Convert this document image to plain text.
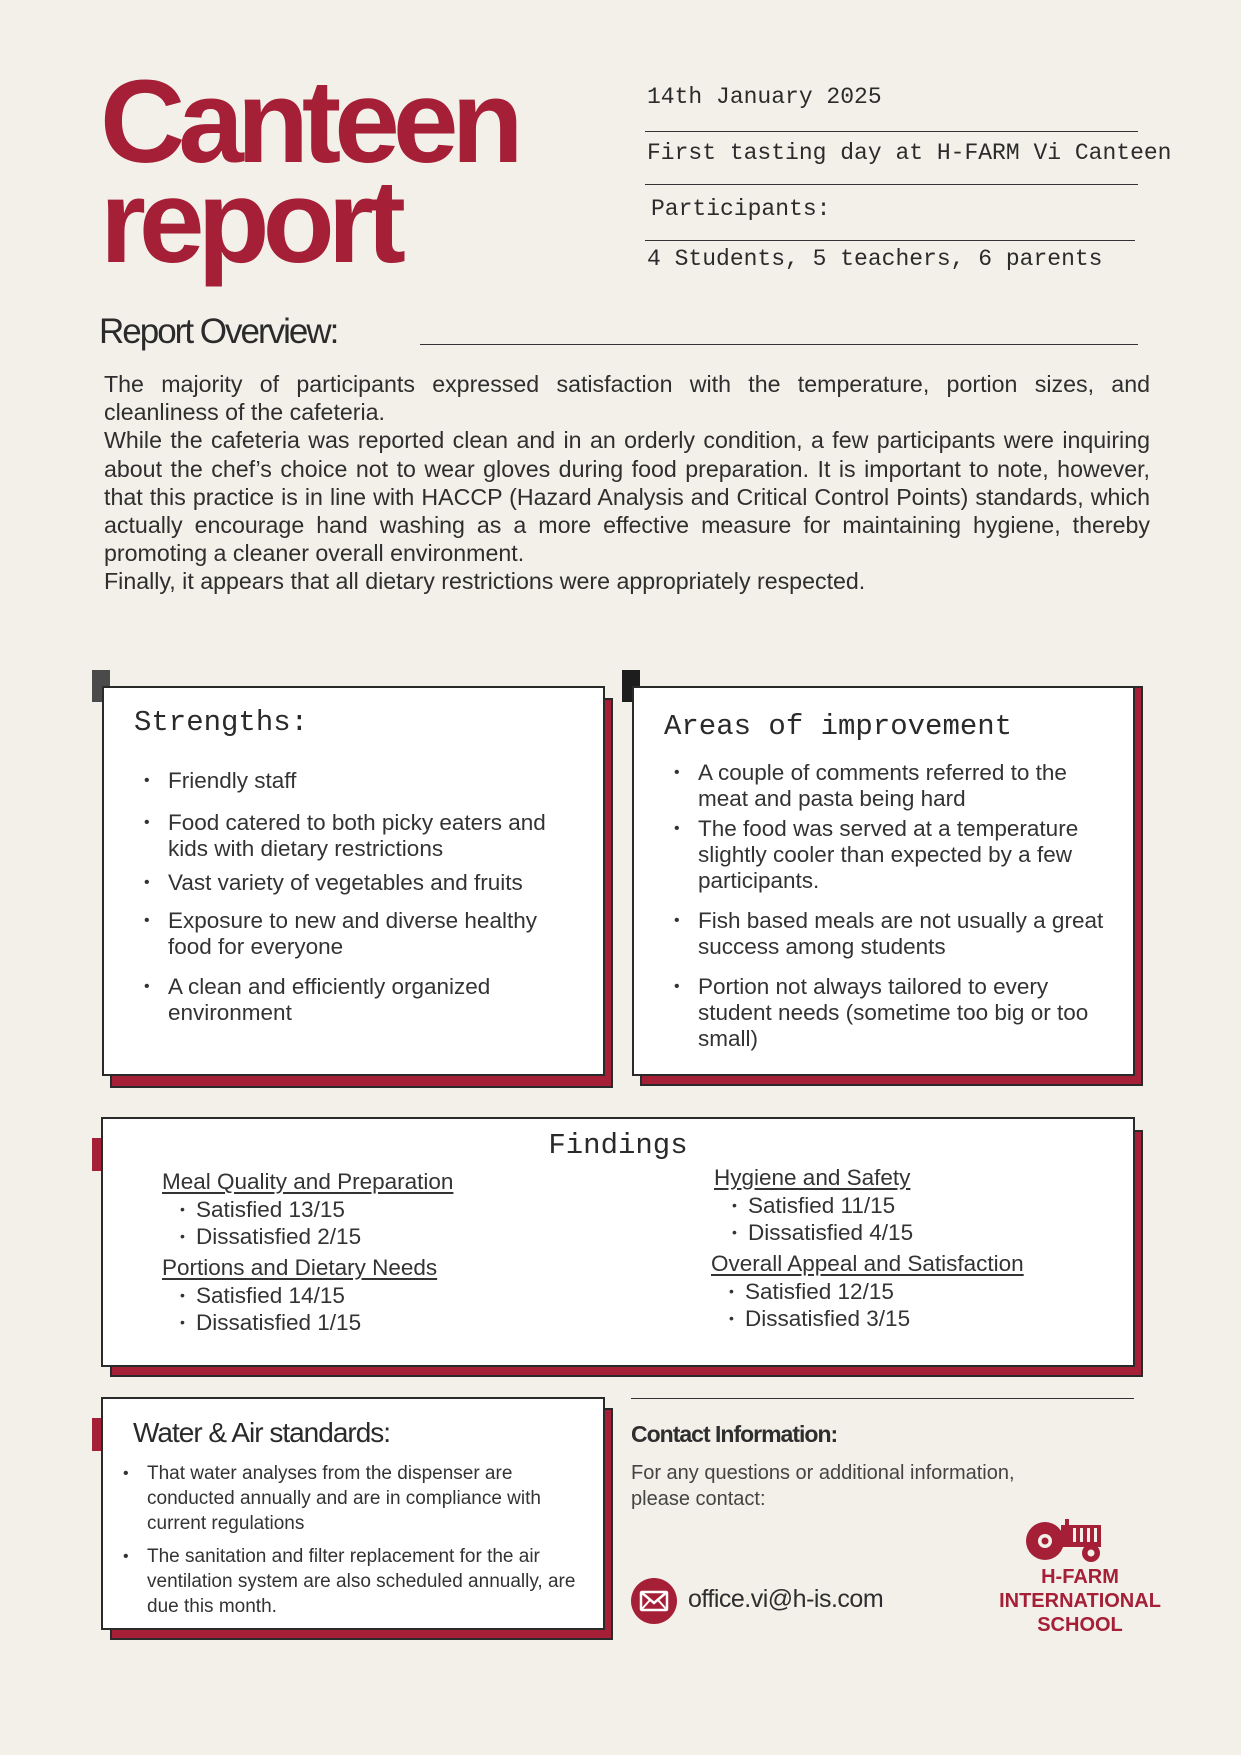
Canteen
report
14th January 2025
First tasting day at H-FARM Vi Canteen
Participants:
4 Students, 5 teachers, 6 parents
Report Overview:

The majority of participants expressed satisfaction with the temperature, portion sizes, and cleanliness of the cafeteria.

While the cafeteria was reported clean and in an orderly condition, a few participants were inquiring about the chef’s choice not to wear gloves during food preparation. It is important to note, however, that this practice is in line with HACCP (Hazard Analysis and Critical Control Points) standards, which actually encourage hand washing as a more effective measure for maintaining hygiene, thereby promoting a cleaner overall environment.

Finally, it appears that all dietary restrictions were appropriately respected.

Strengths:
• Friendly staff
• Food catered to both picky eaters and kids with dietary restrictions
• Vast variety of vegetables and fruits
• Exposure to new and diverse healthy food for everyone
• A clean and efficiently organized environment
Areas of improvement
• A couple of comments referred to the meat and pasta being hard
• The food was served at a temperature slightly cooler than expected by a few participants.
• Fish based meals are not usually a great success among students
• Portion not always tailored to every student needs (sometime too big or too small)
Findings
Meal Quality and Preparation
• Satisfied 13/15
• Dissatisfied 2/15
Portions and Dietary Needs
• Satisfied 14/15
• Dissatisfied 1/15
Hygiene and Safety
• Satisfied 11/15
• Dissatisfied 4/15
Overall Appeal and Satisfaction
• Satisfied 12/15
• Dissatisfied 3/15
Water & Air standards:
• That water analyses from the dispenser are conducted annually and are in compliance with current regulations
• The sanitation and filter replacement for the air ventilation system are also scheduled annually, are due this month.
Contact Information:
For any questions or additional information, please contact:
office.vi@h-is.com
H-FARM
INTERNATIONAL
SCHOOL
